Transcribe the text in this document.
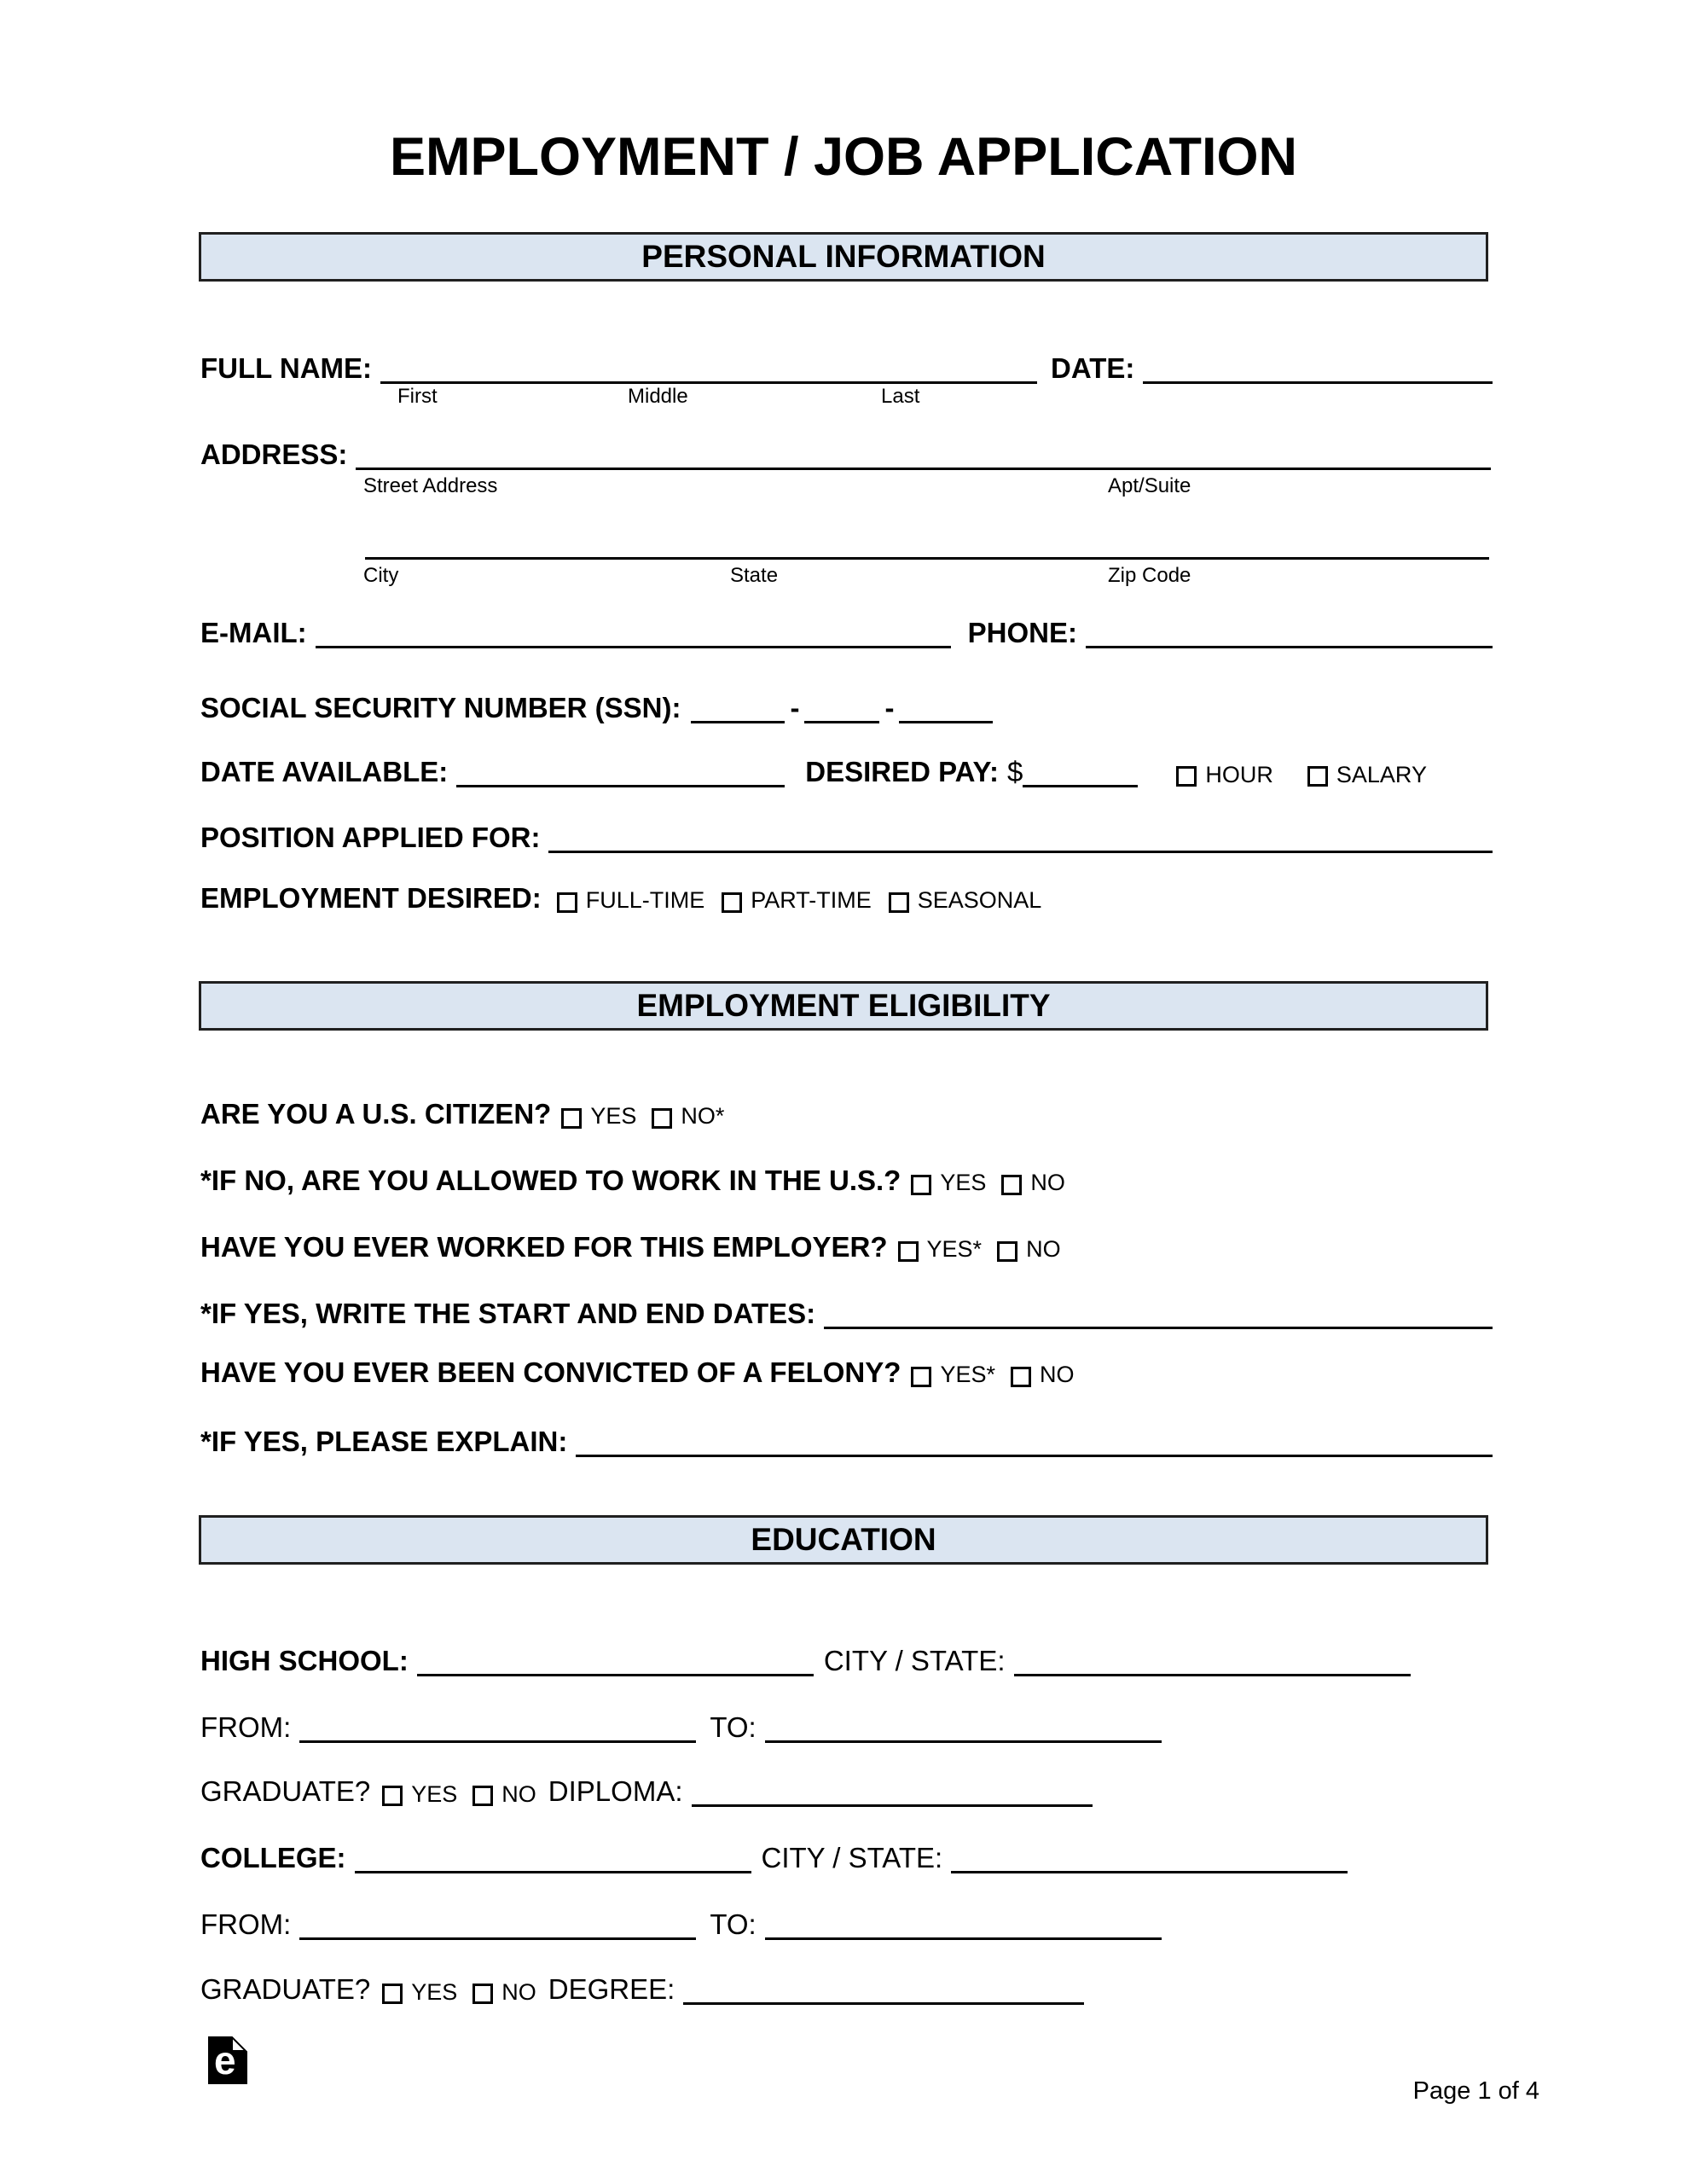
EMPLOYMENT / JOB APPLICATION
PERSONAL INFORMATION
FULL NAME:	DATE:
First	Middle	Last
ADDRESS:
Street Address	Apt/Suite
City	State	Zip Code
E-MAIL:	PHONE:
SOCIAL SECURITY NUMBER (SSN):	-	-
DATE AVAILABLE:	DESIRED PAY: $	HOUR	SALARY
POSITION APPLIED FOR:
EMPLOYMENT DESIRED: FULL-TIME PART-TIME SEASONAL
EMPLOYMENT ELIGIBILITY
ARE YOU A U.S. CITIZEN? YES NO*
*IF NO, ARE YOU ALLOWED TO WORK IN THE U.S.? YES NO
HAVE YOU EVER WORKED FOR THIS EMPLOYER? YES* NO
*IF YES, WRITE THE START AND END DATES:
HAVE YOU EVER BEEN CONVICTED OF A FELONY? YES* NO
*IF YES, PLEASE EXPLAIN:
EDUCATION
HIGH SCHOOL:	CITY / STATE:
FROM:	TO:
GRADUATE? YES NO DIPLOMA:
COLLEGE:	CITY / STATE:
FROM:	TO:
GRADUATE? YES NO DEGREE:
e
Page 1 of 4
